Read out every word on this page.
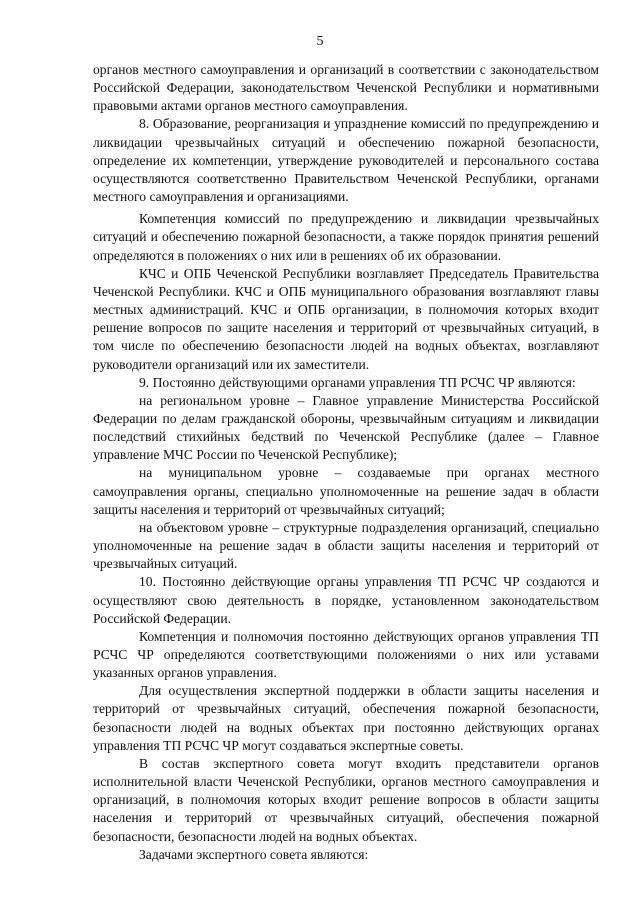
5

органов местного самоуправления и организаций в соответствии с законодательством Российской Федерации, законодательством Чеченской Республики и нормативными правовыми актами органов местного самоуправления.

8. Образование, реорганизация и упразднение комиссий по предупреждению и ликвидации чрезвычайных ситуаций и обеспечению пожарной безопасности, определение их компетенции, утверждение руководителей и персонального состава осуществляются соответственно Правительством Чеченской Республики, органами местного самоуправления и организациями.

Компетенция комиссий по предупреждению и ликвидации чрезвычайных ситуаций и обеспечению пожарной безопасности, а также порядок принятия решений определяются в положениях о них или в решениях об их образовании.

КЧС и ОПБ Чеченской Республики возглавляет Председатель Правительства Чеченской Республики. КЧС и ОПБ муниципального образования возглавляют главы местных администраций. КЧС и ОПБ организации, в полномочия которых входит решение вопросов по защите населения и территорий от чрезвычайных ситуаций, в том числе по обеспечению безопасности людей на водных объектах, возглавляют руководители организаций или их заместители.

9. Постоянно действующими органами управления ТП РСЧС ЧР являются:

на региональном уровне – Главное управление Министерства Российской Федерации по делам гражданской обороны, чрезвычайным ситуациям и ликвидации последствий стихийных бедствий по Чеченской Республике (далее – Главное управление МЧС России по Чеченской Республике);

на муниципальном уровне – создаваемые при органах местного самоуправления органы, специально уполномоченные на решение задач в области защиты населения и территорий от чрезвычайных ситуаций;

на объектовом уровне – структурные подразделения организаций, специально уполномоченные на решение задач в области защиты населения и территорий от чрезвычайных ситуаций.

10. Постоянно действующие органы управления ТП РСЧС ЧР создаются и осуществляют свою деятельность в порядке, установленном законодательством Российской Федерации.

Компетенция и полномочия постоянно действующих органов управления ТП РСЧС ЧР определяются соответствующими положениями о них или уставами указанных органов управления.

Для осуществления экспертной поддержки в области защиты населения и территорий от чрезвычайных ситуаций, обеспечения пожарной безопасности, безопасности людей на водных объектах при постоянно действующих органах управления ТП РСЧС ЧР могут создаваться экспертные советы.

В состав экспертного совета могут входить представители органов исполнительной власти Чеченской Республики, органов местного самоуправления и организаций, в полномочия которых входит решение вопросов в области защиты населения и территорий от чрезвычайных ситуаций, обеспечения пожарной безопасности, безопасности людей на водных объектах.

Задачами экспертного совета являются:
